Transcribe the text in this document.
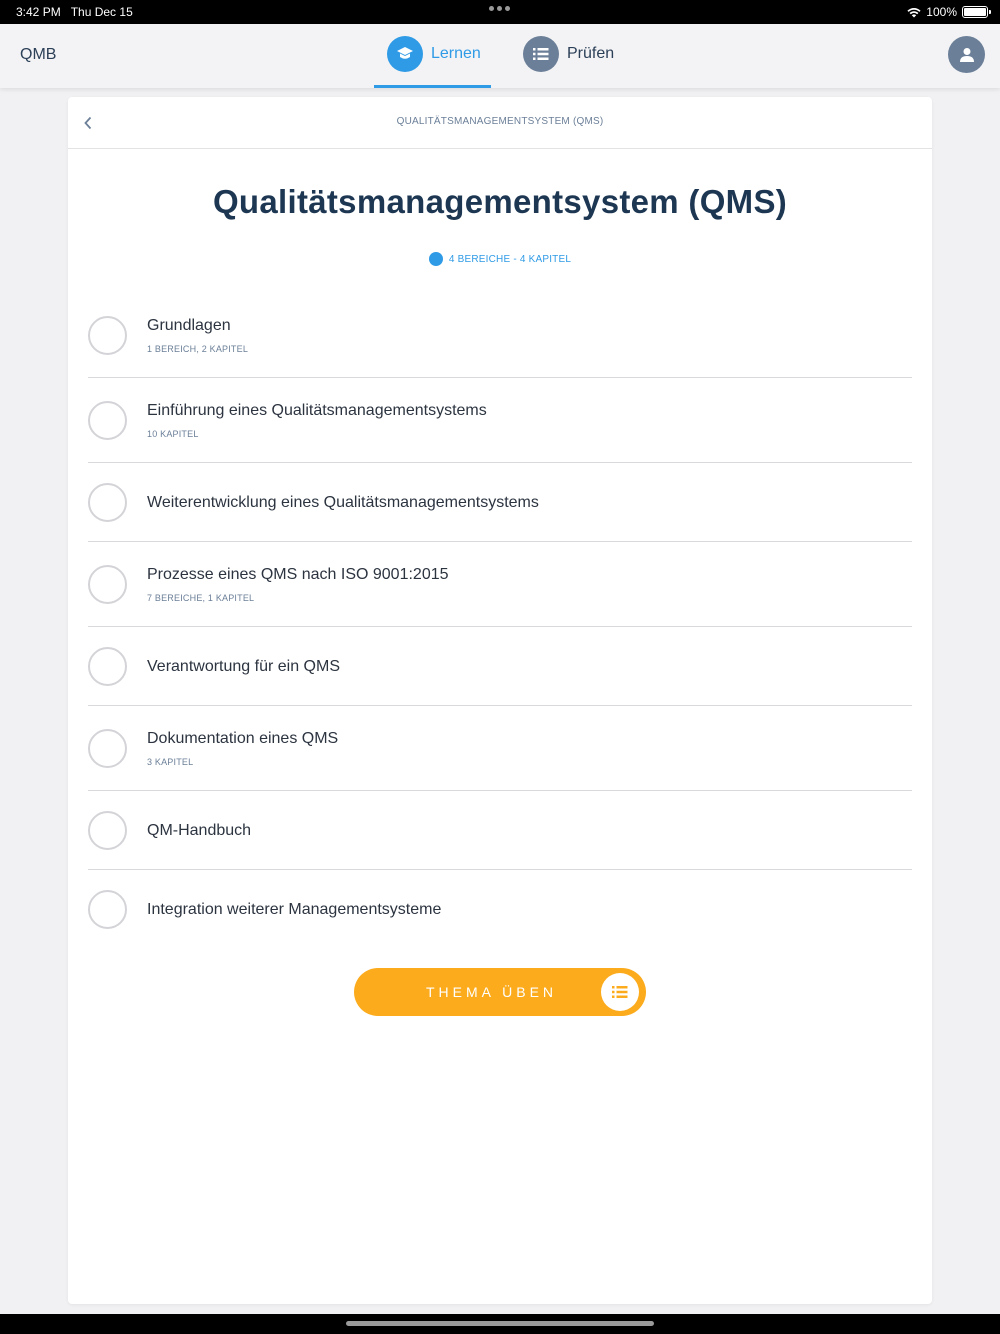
3:42 PM Thu Dec 15	100%
QMB	Lernen	Prüfen
QUALITÄTSMANAGEMENTSYSTEM (QMS)
Qualitätsmanagementsystem (QMS)
4 BEREICHE - 4 KAPITEL
Grundlagen
1 BEREICH, 2 KAPITEL
Einführung eines Qualitätsmanagementsystems
10 KAPITEL
Weiterentwicklung eines Qualitätsmanagementsystems
Prozesse eines QMS nach ISO 9001:2015
7 BEREICHE, 1 KAPITEL
Verantwortung für ein QMS
Dokumentation eines QMS
3 KAPITEL
QM-Handbuch
Integration weiterer Managementsysteme
THEMA ÜBEN
